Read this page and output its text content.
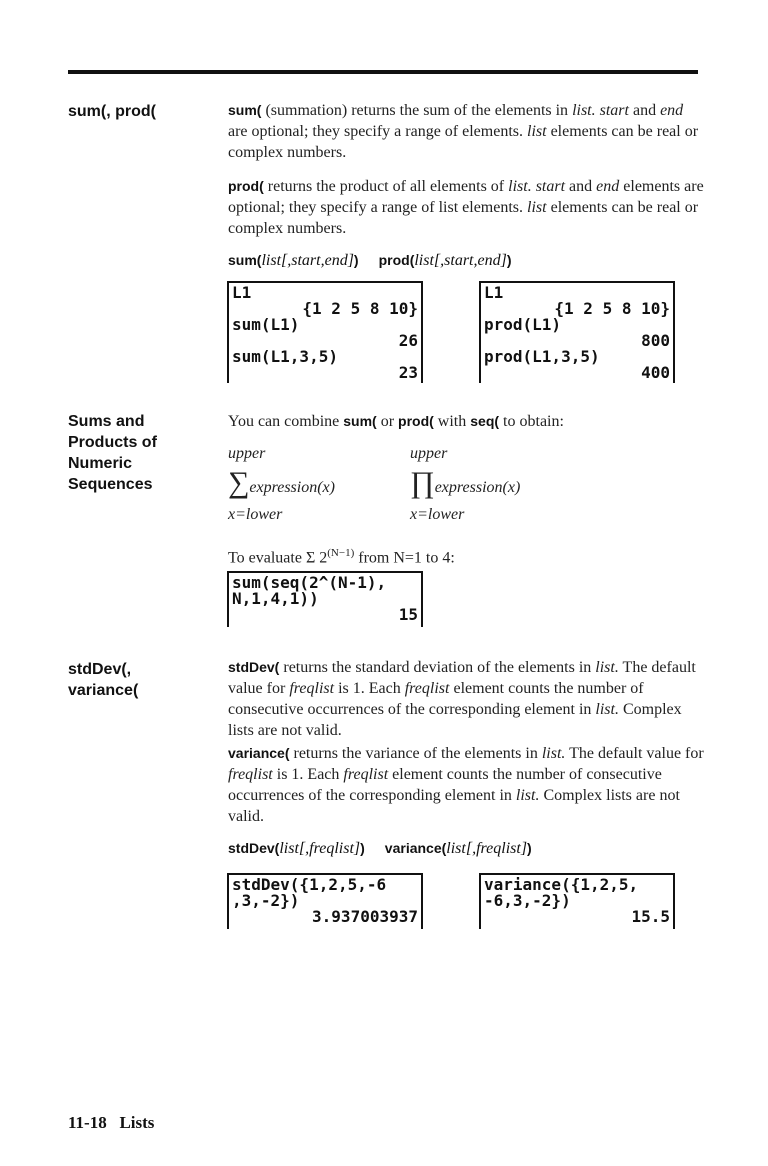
sum(, prod(	sum( (summation) returns the sum of the elements in list. start and end are optional; they specify a range of elements. list elements can be real or complex numbers.
prod( returns the product of all elements of list. start and end elements are optional; they specify a range of list elements. list elements can be real or complex numbers.
sum(list[,start,end]) prod(list[,start,end])
L1
{1 2 5 8 10}
sum(L1)
26
sum(L1,3,5)
23
L1
{1 2 5 8 10}
prod(L1)
800
prod(L1,3,5)
400
Sums and Products of Numeric Sequences
You can combine sum( or prod( with seq( to obtain:
upper
∑expression(x)
x=lower
upper
∏expression(x)
x=lower
To evaluate Σ $2^{(N-1)}$ from N=1 to 4:
sum(seq(2^(N-1),
N,1,4,1))
15
stdDev(, variance(
stdDev( returns the standard deviation of the elements in list. The default value for freqlist is 1. Each freqlist element counts the number of consecutive occurrences of the corresponding element in list. Complex lists are not valid.
variance( returns the variance of the elements in list. The default value for freqlist is 1. Each freqlist element counts the number of consecutive occurrences of the corresponding element in list. Complex lists are not valid.
stdDev(list[,freqlist]) variance(list[,freqlist])
stdDev({1,2,5,-6
,3,-2})
3.937003937
variance({1,2,5,
-6,3,-2})
15.5
11-18   Lists
